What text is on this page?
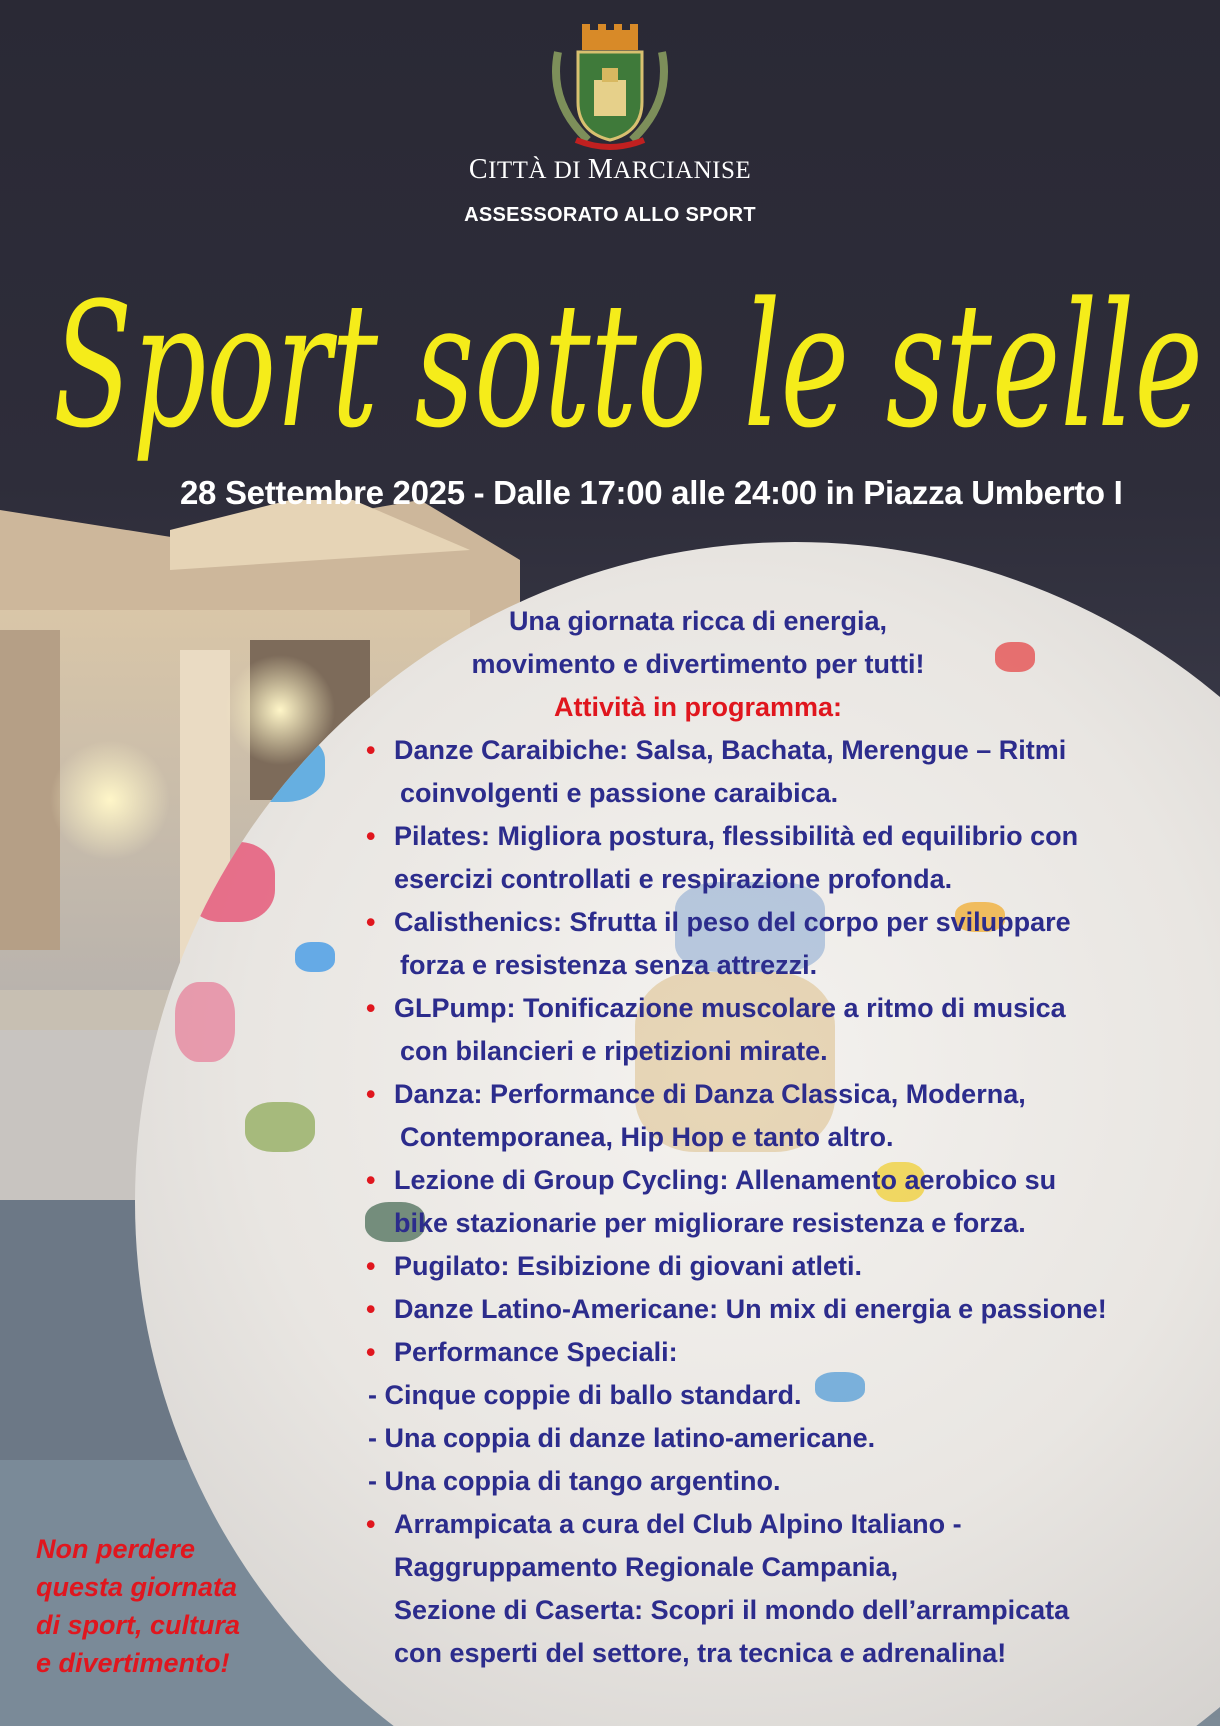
CITTÀ DI MARCIANISE
ASSESSORATO ALLO SPORT
Sport sotto le stelle
28 Settembre 2025 - Dalle 17:00 alle 24:00 in Piazza Umberto I
Una giornata ricca di energia,
movimento e divertimento per tutti!
Attività in programma:
• Danze Caraibiche: Salsa, Bachata, Merengue – Ritmi
coinvolgenti e passione caraibica.
• Pilates: Migliora postura, flessibilità ed equilibrio con
esercizi controllati e respirazione profonda.
• Calisthenics: Sfrutta il peso del corpo per sviluppare
forza e resistenza senza attrezzi.
• GLPump: Tonificazione muscolare a ritmo di musica
con bilancieri e ripetizioni mirate.
• Danza: Performance di Danza Classica, Moderna,
Contemporanea, Hip Hop e tanto altro.
• Lezione di Group Cycling: Allenamento aerobico su
bike stazionarie per migliorare resistenza e forza.
• Pugilato: Esibizione di giovani atleti.
• Danze Latino-Americane: Un mix di energia e passione!
• Performance Speciali:
- Cinque coppie di ballo standard.
- Una coppia di danze latino-americane.
- Una coppia di tango argentino.
• Arrampicata a cura del Club Alpino Italiano -
Raggruppamento Regionale Campania,
Sezione di Caserta: Scopri il mondo dell’arrampicata
con esperti del settore, tra tecnica e adrenalina!
Non perdere
questa giornata
di sport, cultura
e divertimento!
